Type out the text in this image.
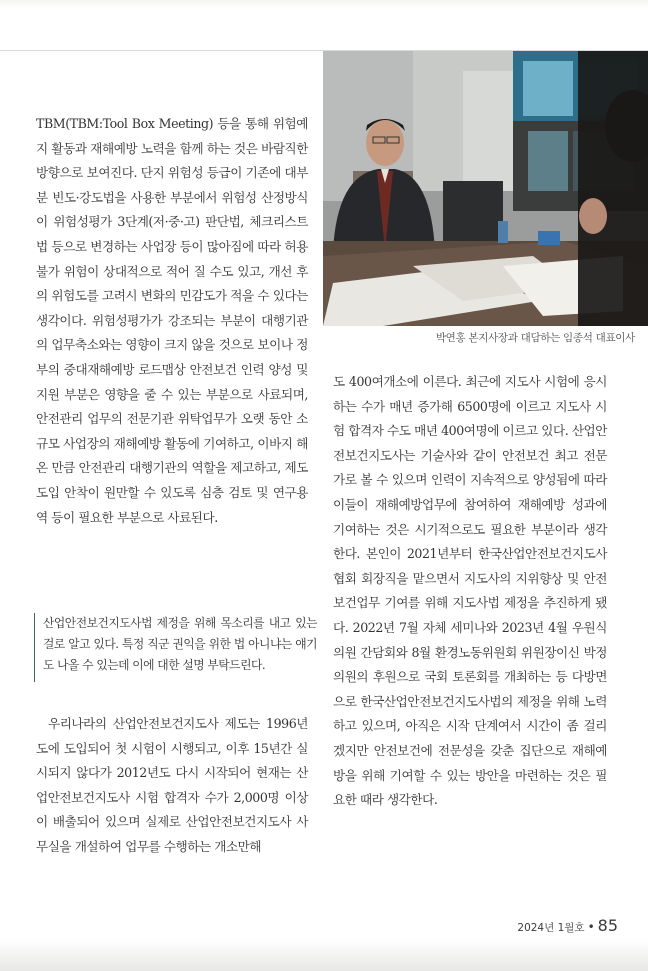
박연홍 본지사장과 대담하는 임종석 대표이사

TBM(TBM:Tool Box Meeting) 등을 통해 위험예지 활동과 재해예방 노력을 함께 하는 것은 바람직한 방향으로 보여진다. 단지 위험성 등급이 기존에 대부분 빈도·강도법을 사용한 부분에서 위험성 산정방식이 위험성평가 3단계(저·중·고) 판단법, 체크리스트법 등으로 변경하는 사업장 등이 많아짐에 따라 허용불가 위험이 상대적으로 적어 질 수도 있고, 개선 후의 위험도를 고려시 변화의 민감도가 적을 수 있다는 생각이다. 위험성평가가 강조되는 부분이 대행기관의 업무축소와는 영향이 크지 않을 것으로 보이나 정부의 중대재해예방 로드맵상 안전보건 인력 양성 및 지원 부분은 영향을 줄 수 있는 부분으로 사료되며, 안전관리 업무의 전문기관 위탁업무가 오랫 동안 소규모 사업장의 재해예방 활동에 기여하고, 이바지 해온 만큼 안전관리 대행기관의 역할을 제고하고, 제도도입 안착이 원만할 수 있도록 심층 검토 및 연구용역 등이 필요한 부분으로 사료된다.

산업안전보건지도사법 제정을 위해 목소리를 내고 있는 걸로 알고 있다. 특정 직군 권익을 위한 법 아니냐는 얘기도 나올 수 있는데 이에 대한 설명 부탁드린다.

우리나라의 산업안전보건지도사 제도는 1996년도에 도입되어 첫 시험이 시행되고, 이후 15년간 실시되지 않다가 2012년도 다시 시작되어 현재는 산업안전보건지도사 시험 합격자 수가 2,000명 이상이 배출되어 있으며 실제로 산업안전보건지도사 사무실을 개설하여 업무를 수행하는 개소만해

도 400여개소에 이른다. 최근에 지도사 시험에 응시하는 수가 매년 증가해 6500명에 이르고 지도사 시험 합격자 수도 매년 400여명에 이르고 있다. 산업안전보건지도사는 기술사와 같이 안전보건 최고 전문가로 볼 수 있으며 인력이 지속적으로 양성됨에 따라 이들이 재해예방업무에 참여하여 재해예방 성과에 기여하는 것은 시기적으로도 필요한 부분이라 생각한다. 본인이 2021년부터 한국산업안전보건지도사협회 회장직을 맡으면서 지도사의 지위향상 및 안전보건업무 기여를 위해 지도사법 제정을 추진하게 됐다. 2022년 7월 자체 세미나와 2023년 4월 우원식 의원 간담회와 8월 환경노동위원회 위원장이신 박정 의원의 후원으로 국회 토론회를 개최하는 등 다방면으로 한국산업안전보건지도사법의 제정을 위해 노력하고 있으며, 아직은 시작 단계여서 시간이 좀 걸리겠지만 안전보건에 전문성을 갖춘 집단으로 재해예방을 위해 기여할 수 있는 방안을 마련하는 것은 필요한 때라 생각한다.

2024년 1월호 • 85
